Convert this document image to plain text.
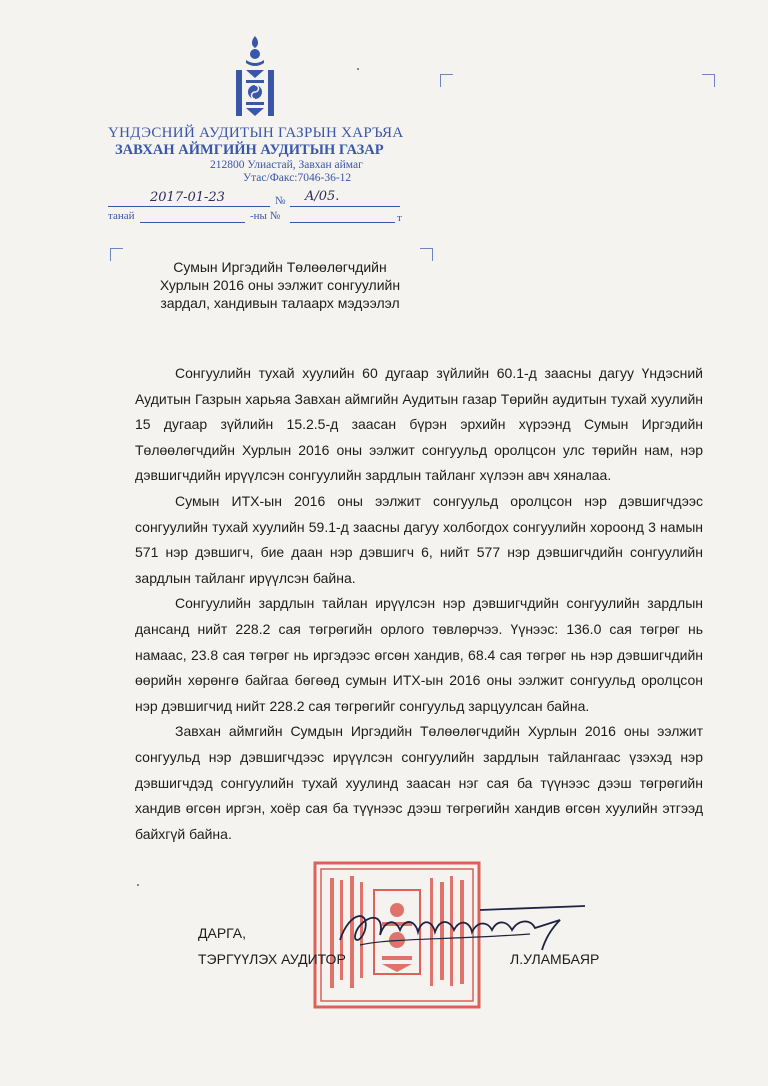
ҮНДЭСНИЙ АУДИТЫН ГАЗРЫН ХАРЪЯА
ЗАВХАН АЙМГИЙН АУДИТЫН ГАЗАР
212800 Улиастай, Завхан аймаг
Утас/Факс:7046-36-12
2017-01-23	№ A/05.
танай	-ны №	т
Сумын Иргэдийн Төлөөлөгчдийн
Хурлын 2016 оны ээлжит сонгуулийн
зардал, хандивын талаарх мэдээлэл

Сонгуулийн тухай хуулийн 60 дугаар зүйлийн 60.1-д заасны дагуу Үндэсний Аудитын Газрын харьяа Завхан аймгийн Аудитын газар Төрийн аудитын тухай хуулийн 15 дугаар зүйлийн 15.2.5-д заасан бүрэн эрхийн хүрээнд Сумын Иргэдийн Төлөөлөгчдийн Хурлын 2016 оны ээлжит сонгуульд оролцсон улс төрийн нам, нэр дэвшигчдийн ирүүлсэн сонгуулийн зардлын тайланг хүлээн авч хяналаа.

Сумын ИТХ-ын 2016 оны ээлжит сонгуульд оролцсон нэр дэвшигчдээс сонгуулийн тухай хуулийн 59.1-д заасны дагуу холбогдох сонгуулийн хороонд 3 намын 571 нэр дэвшигч, бие даан нэр дэвшигч 6, нийт 577 нэр дэвшигчдийн сонгуулийн зардлын тайланг ирүүлсэн байна.

Сонгуулийн зардлын тайлан ирүүлсэн нэр дэвшигчдийн сонгуулийн зардлын дансанд нийт 228.2 сая төгрөгийн орлого төвлөрчээ. Үүнээс: 136.0 сая төгрөг нь намаас, 23.8 сая төгрөг нь иргэдээс өгсөн хандив, 68.4 сая төгрөг нь нэр дэвшигчдийн өөрийн хөрөнгө байгаа бөгөөд сумын ИТХ-ын 2016 оны ээлжит сонгуульд оролцсон нэр дэвшигчид нийт 228.2 сая төгрөгийг сонгуульд зарцуулсан байна.

Завхан аймгийн Сумдын Иргэдийн Төлөөлөгчдийн Хурлын 2016 оны ээлжит сонгуульд нэр дэвшигчдээс ирүүлсэн сонгуулийн зардлын тайлангаас үзэхэд нэр дэвшигчдэд сонгуулийн тухай хуулинд заасан нэг сая ба түүнээс дээш төгрөгийн хандив өгсөн иргэн, хоёр сая ба түүнээс дээш төгрөгийн хандив өгсөн хуулийн этгээд байхгүй байна.

ДАРГА,
ТЭРГҮҮЛЭХ АУДИТОР	Л.УЛАМБАЯР
